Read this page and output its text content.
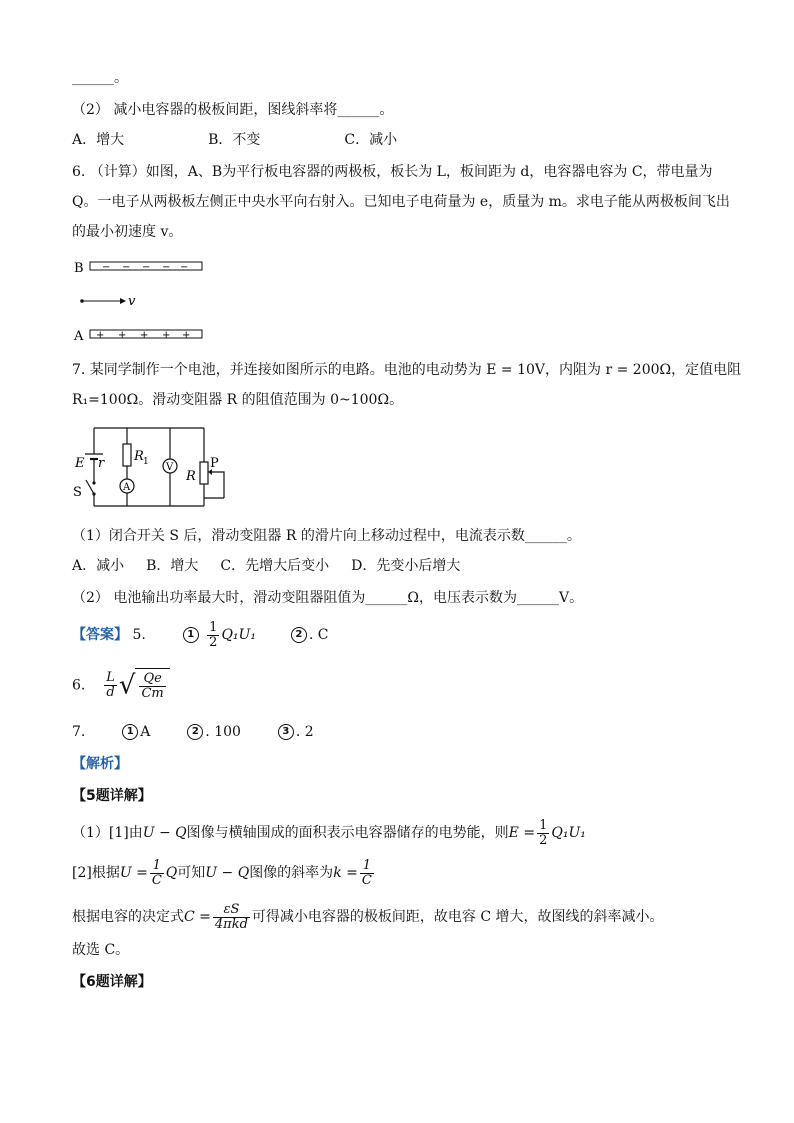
______。
（2） 减小电容器的极板间距，图线斜率将______。
A．增大	B．不变	C．减小
6. （计算）如图，A、B为平行板电容器的两极板，板长为 L，板间距为 d，电容器电容为 C，带电量为
Q。一电子从两极板左侧正中央水平向右射入。已知电子电荷量为 e，质量为 m。求电子能从两极板间飞出
的最小初速度 v。
B − − − − −
v
A + + + + +
7. 某同学制作一个电池，并连接如图所示的电路。电池的电动势为 E = 10V，内阻为 r = 200Ω，定值电阻
R₁=100Ω。滑动变阻器 R 的阻值范围为 0~100Ω。
E r
S
R 1
A
V
R
P
（1）闭合开关 S 后，滑动变阻器 R 的滑片向上移动过程中，电流表示数______。
A．减小 B．增大 C．先增大后变小 D．先变小后增大
（2） 电池输出功率最大时，滑动变阻器阻值为______Ω，电压表示数为______V。
【答案】 5.	$1 \frac{1}{2} Q_1U_1$	2 . C
6. $\frac{L}{d}$ √ $\frac{Qe}{Cm}$
7.	1 A	2 . 100	3 . 2
【解析】
【5题详解】
（1）[1]由U − Q图像与横轴围成的面积表示电容器储存的电势能，则$E = \frac{1}{2} Q_1U_1$
[2]根据$U = \frac{1}{C}$ Q可知U − Q图像的斜率为$k = \frac{1}{C}$
根据电容的决定式$C = \frac{\varepsilon S}{\text{4πkd}}$ 可得减小电容器的极板间距，故电容 C 增大，故图线的斜率减小。
故选 C。
【6题详解】
